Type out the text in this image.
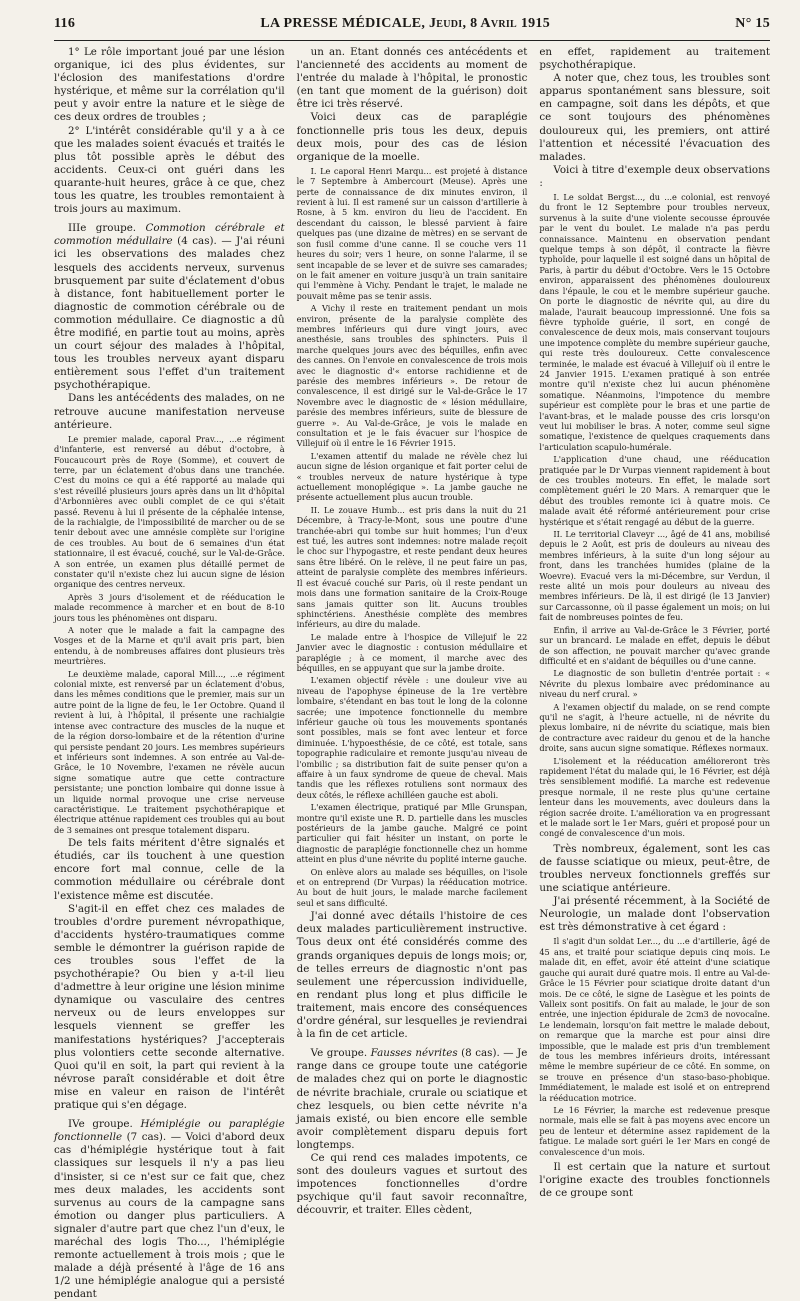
116	LA PRESSE MÉDICALE, Jeudi, 8 Avril 1915	N° 15

1° Le rôle important joué par une lésion organique, ici des plus évidentes, sur l'éclosion des manifestations d'ordre hystérique, et même sur la corrélation qu'il peut y avoir entre la nature et le siège de ces deux ordres de troubles ;

2° L'intérêt considérable qu'il y a à ce que les malades soient évacués et traités le plus tôt possible après le début des accidents. Ceux-ci ont guéri dans les quarante-huit heures, grâce à ce que, chez tous les quatre, les troubles remontaient à trois jours au maximum.

IIIe groupe. Commotion cérébrale et commotion médullaire (4 cas). — J'ai réuni ici les observations des malades chez lesquels des accidents nerveux, survenus brusquement par suite d'éclatement d'obus à distance, font habituellement porter le diagnostic de commotion cérébrale ou de commotion médullaire. Ce diagnostic a dû être modifié, en partie tout au moins, après un court séjour des malades à l'hôpital, tous les troubles nerveux ayant disparu entièrement sous l'effet d'un traitement psychothérapique.

Dans les antécédents des malades, on ne retrouve aucune manifestation nerveuse antérieure.

Le premier malade, caporal Prav..., ...e régiment d'infanterie, est renversé au début d'octobre, à Foucaucourt près de Roye (Somme), et couvert de terre, par un éclatement d'obus dans une tranchée. C'est du moins ce qui a été rapporté au malade qui s'est réveillé plusieurs jours après dans un lit d'hôpital d'Arbonnières avec oubli complet de ce qui s'était passé. Revenu à lui il présente de la céphalée intense, de la rachialgie, de l'impossibilité de marcher ou de se tenir debout avec une amnésie complète sur l'origine de ces troubles. Au bout de 6 semaines d'un état stationnaire, il est évacué, couché, sur le Val-de-Grâce. A son entrée, un examen plus détaillé permet de constater qu'il n'existe chez lui aucun signe de lésion organique des centres nerveux.

Après 3 jours d'isolement et de rééducation le malade recommence à marcher et en bout de 8-10 jours tous les phénomènes ont disparu.

A noter que le malade a fait la campagne des Vosges et de la Marne et qu'il avait pris part, bien entendu, à de nombreuses affaires dont plusieurs très meurtrières.

Le deuxième malade, caporal Mill..., ...e régiment colonial mixte, est renversé par un éclatement d'obus, dans les mêmes conditions que le premier, mais sur un autre point de la ligne de feu, le 1er Octobre. Quand il revient à lui, à l'hôpital, il présente une rachialgie intense avec contracture des muscles de la nuque et de la région dorso-lombaire et de la rétention d'urine qui persiste pendant 20 jours. Les membres supérieurs et inférieurs sont indemnes. A son entrée au Val-de-Grâce, le 10 Novembre, l'examen ne révèle aucun signe somatique autre que cette contracture persistante; une ponction lombaire qui donne issue à un liquide normal provoque une crise nerveuse caractéristique. Le traitement psychothérapique et électrique atténue rapidement ces troubles qui au bout de 3 semaines ont presque totalement disparu.

De tels faits méritent d'être signalés et étudiés, car ils touchent à une question encore fort mal connue, celle de la commotion médullaire ou cérébrale dont l'existence même est discutée.

S'agit-il en effet chez ces malades de troubles d'ordre purement névropathique, d'accidents hystéro-traumatiques comme semble le démontrer la guérison rapide de ces troubles sous l'effet de la psychothérapie? Ou bien y a-t-il lieu d'admettre à leur origine une lésion minime dynamique ou vasculaire des centres nerveux ou de leurs enveloppes sur lesquels viennent se greffer les manifestations hystériques? J'accepterais plus volontiers cette seconde alternative. Quoi qu'il en soit, la part qui revient à la névrose paraît considérable et doit être mise en valeur en raison de l'intérêt pratique qui s'en dégage.

IVe groupe. Hémiplégie ou paraplégie fonctionnelle (7 cas). — Voici d'abord deux cas d'hémiplégie hystérique tout à fait classiques sur lesquels il n'y a pas lieu d'insister, si ce n'est sur ce fait que, chez mes deux malades, les accidents sont survenus au cours de la campagne sans émotion ou danger plus particuliers. A signaler d'autre part que chez l'un d'eux, le maréchal des logis Tho..., l'hémiplégie remonte actuellement à trois mois ; que le malade a déjà présenté à l'âge de 16 ans 1/2 une hémiplégie analogue qui a persisté pendant

un an. Etant donnés ces antécédents et l'ancienneté des accidents au moment de l'entrée du malade à l'hôpital, le pronostic (en tant que moment de la guérison) doit être ici très réservé.

Voici deux cas de paraplégie fonctionnelle pris tous les deux, depuis deux mois, pour des cas de lésion organique de la moelle.

I. Le caporal Henri Marqu... est projeté à distance le 7 Septembre à Ambercourt (Meuse). Après une perte de connaissance de dix minutes environ, il revient à lui. Il est ramené sur un caisson d'artillerie à Rosne, à 5 km. environ du lieu de l'accident. En descendant du caisson, le blessé parvient à faire quelques pas (une dizaine de mètres) en se servant de son fusil comme d'une canne. Il se couche vers 11 heures du soir; vers 1 heure, on sonne l'alarme, il se sent incapable de se lever et de suivre ses camarades; on le fait amener en voiture jusqu'à un train sanitaire qui l'emmène à Vichy. Pendant le trajet, le malade ne pouvait même pas se tenir assis.

A Vichy il reste en traitement pendant un mois environ, présente de la paralysie complète des membres inférieurs qui dure vingt jours, avec anesthésie, sans troubles des sphincters. Puis il marche quelques jours avec des béquilles, enfin avec des cannes. On l'envoie en convalescence de trois mois avec le diagnostic d'« entorse rachidienne et de parésie des membres inférieurs ». De retour de convalescence, il est dirigé sur le Val-de-Grâce le 17 Novembre avec le diagnostic de « lésion médullaire, parésie des membres inférieurs, suite de blessure de guerre ». Au Val-de-Grâce, je vois le malade en consultation et je le fais évacuer sur l'hospice de Villejuif où il entre le 16 Février 1915.

L'examen attentif du malade ne révèle chez lui aucun signe de lésion organique et fait porter celui de « troubles nerveux de nature hystérique à type actuellement monoplégique ». La jambe gauche ne présente actuellement plus aucun trouble.

II. Le zouave Humb... est pris dans la nuit du 21 Décembre, à Tracy-le-Mont, sous une poutre d'une tranchée-abri qui tombe sur huit hommes; l'un d'eux est tué, les autres sont indemnes: notre malade reçoit le choc sur l'hypogastre, et reste pendant deux heures sans être libéré. On le relève, il ne peut faire un pas, atteint de paralysie complète des membres inférieurs. Il est évacué couché sur Paris, où il reste pendant un mois dans une formation sanitaire de la Croix-Rouge sans jamais quitter son lit. Aucuns troubles sphinctériens. Anesthésie complète des membres inférieurs, au dire du malade.

Le malade entre à l'hospice de Villejuif le 22 Janvier avec le diagnostic : contusion médullaire et paraplégie ; à ce moment, il marche avec des béquilles, en se appuyant que sur la jambe droite.

L'examen objectif révèle : une douleur vive au niveau de l'apophyse épineuse de la 1re vertèbre lombaire, s'étendant en bas tout le long de la colonne sacrée; une impotence fonctionnelle du membre inférieur gauche où tous les mouvements spontanés sont possibles, mais se font avec lenteur et force diminuée. L'hypoesthésie, de ce côté, est totale, sans topographie radiculaire et remonte jusqu'au niveau de l'ombilic ; sa distribution fait de suite penser qu'on a affaire à un faux syndrome de queue de cheval. Mais tandis que les réflexes rotuliens sont normaux des deux côtés, le réflexe achilléen gauche est aboli.

L'examen électrique, pratiqué par Mlle Grunspan, montre qu'il existe une R. D. partielle dans les muscles postérieurs de la jambe gauche. Malgré ce point particulier qui fait hésiter un instant, on porte le diagnostic de paraplégie fonctionnelle chez un homme atteint en plus d'une névrite du poplité interne gauche.

On enlève alors au malade ses béquilles, on l'isole et on entreprend (Dr Vurpas) la rééducation motrice. Au bout de huit jours, le malade marche facilement seul et sans difficulté.

J'ai donné avec détails l'histoire de ces deux malades particulièrement instructive. Tous deux ont été considérés comme des grands organiques depuis de longs mois; or, de telles erreurs de diagnostic n'ont pas seulement une répercussion individuelle, en rendant plus long et plus difficile le traitement, mais encore des conséquences d'ordre général, sur lesquelles je reviendrai à la fin de cet article.

Ve groupe. Fausses névrites (8 cas). — Je range dans ce groupe toute une catégorie de malades chez qui on porte le diagnostic de névrite brachiale, crurale ou sciatique et chez lesquels, ou bien cette névrite n'a jamais existé, ou bien encore elle semble avoir complètement disparu depuis fort longtemps.

Ce qui rend ces malades impotents, ce sont des douleurs vagues et surtout des impotences fonctionnelles d'ordre psychique qu'il faut savoir reconnaître, découvrir, et traiter. Elles cèdent,

en effet, rapidement au traitement psychothérapique.

A noter que, chez tous, les troubles sont apparus spontanément sans blessure, soit en campagne, soit dans les dépôts, et que ce sont toujours des phénomènes douloureux qui, les premiers, ont attiré l'attention et nécessité l'évacuation des malades.

Voici à titre d'exemple deux observations :

I. Le soldat Bergst..., du ...e colonial, est renvoyé du front le 12 Septembre pour troubles nerveux, survenus à la suite d'une violente secousse éprouvée par le vent du boulet. Le malade n'a pas perdu connaissance. Maintenu en observation pendant quelque temps à son dépôt, il contracte la fièvre typhoïde, pour laquelle il est soigné dans un hôpital de Paris, à partir du début d'Octobre. Vers le 15 Octobre environ, apparaissent des phénomènes douloureux dans l'épaule, le cou et le membre supérieur gauche. On porte le diagnostic de névrite qui, au dire du malade, l'aurait beaucoup impressionné. Une fois sa fièvre typhoïde guérie, il sort, en congé de convalescence de deux mois, mais conservant toujours une impotence complète du membre supérieur gauche, qui reste très douloureux. Cette convalescence terminée, le malade est évacué à Villejuif où il entre le 24 Janvier 1915. L'examen pratiqué à son entrée montre qu'il n'existe chez lui aucun phénomène somatique. Néanmoins, l'impotence du membre supérieur est complète pour le bras et une partie de l'avant-bras, et le malade pousse des cris lorsqu'on veut lui mobiliser le bras. A noter, comme seul signe somatique, l'existence de quelques craquements dans l'articulation scapulo-humérale.

L'application d'une chaud, une rééducation pratiquée par le Dr Vurpas viennent rapidement à bout de ces troubles moteurs. En effet, le malade sort complètement guéri le 20 Mars. A remarquer que le début des troubles remonte ici à quatre mois. Ce malade avait été réformé antérieurement pour crise hystérique et s'était rengagé au début de la guerre.

II. Le territorial Claveyr ..., âgé de 41 ans, mobilisé depuis le 2 Août, est pris de douleurs au niveau des membres inférieurs, à la suite d'un long séjour au front, dans les tranchées humides (plaine de la Woevre). Evacué vers la mi-Décembre, sur Verdun, il reste alité un mois pour douleurs au niveau des membres inférieurs. De là, il est dirigé (le 13 Janvier) sur Carcassonne, où il passe également un mois; on lui fait de nombreuses pointes de feu.

Enfin, il arrive au Val-de-Grâce le 3 Février, porté sur un brancard. Le malade en effet, depuis le début de son affection, ne pouvait marcher qu'avec grande difficulté et en s'aidant de béquilles ou d'une canne.

Le diagnostic de son bulletin d'entrée portait : « Névrite du plexus lombaire avec prédominance au niveau du nerf crural. »

A l'examen objectif du malade, on se rend compte qu'il ne s'agit, à l'heure actuelle, ni de névrite du plexus lombaire, ni de névrite du sciatique, mais bien de contracture avec raideur du genou et de la hanche droite, sans aucun signe somatique. Réflexes normaux.

L'isolement et la rééducation amélioreront très rapidement l'état du malade qui, le 16 Février, est déjà très sensiblement modifié. La marche est redevenue presque normale, il ne reste plus qu'une certaine lenteur dans les mouvements, avec douleurs dans la région sacrée droite. L'amélioration va en progressant et le malade sort le 1er Mars, guéri et proposé pour un congé de convalescence d'un mois.

Très nombreux, également, sont les cas de fausse sciatique ou mieux, peut-être, de troubles nerveux fonctionnels greffés sur une sciatique antérieure.

J'ai présenté récemment, à la Société de Neurologie, un malade dont l'observation est très démonstrative à cet égard :

Il s'agit d'un soldat Ler..., du ...e d'artillerie, âgé de 45 ans, et traité pour sciatique depuis cinq mois. Le malade dit, en effet, avoir été atteint d'une sciatique gauche qui aurait duré quatre mois. Il entre au Val-de-Grâce le 15 Février pour sciatique droite datant d'un mois. De ce côté, le signe de Lasègue et les points de Valleix sont positifs. On fait au malade, le jour de son entrée, une injection épidurale de 2cm3 de novocaïne. Le lendemain, lorsqu'on fait mettre le malade debout, on remarque que la marche est pour ainsi dire impossible, que le malade est pris d'un tremblement de tous les membres inférieurs droits, intéressant même le membre supérieur de ce côté. En somme, on se trouve en présence d'un staso-baso-phobique. Immédiatement, le malade est isolé et on entreprend la rééducation motrice.

Le 16 Février, la marche est redevenue presque normale, mais elle se fait à pas moyens avec encore un peu de lenteur et détermine assez rapidement de la fatigue. Le malade sort guéri le 1er Mars en congé de convalescence d'un mois.

Il est certain que la nature et surtout l'origine exacte des troubles fonctionnels de ce groupe sont
